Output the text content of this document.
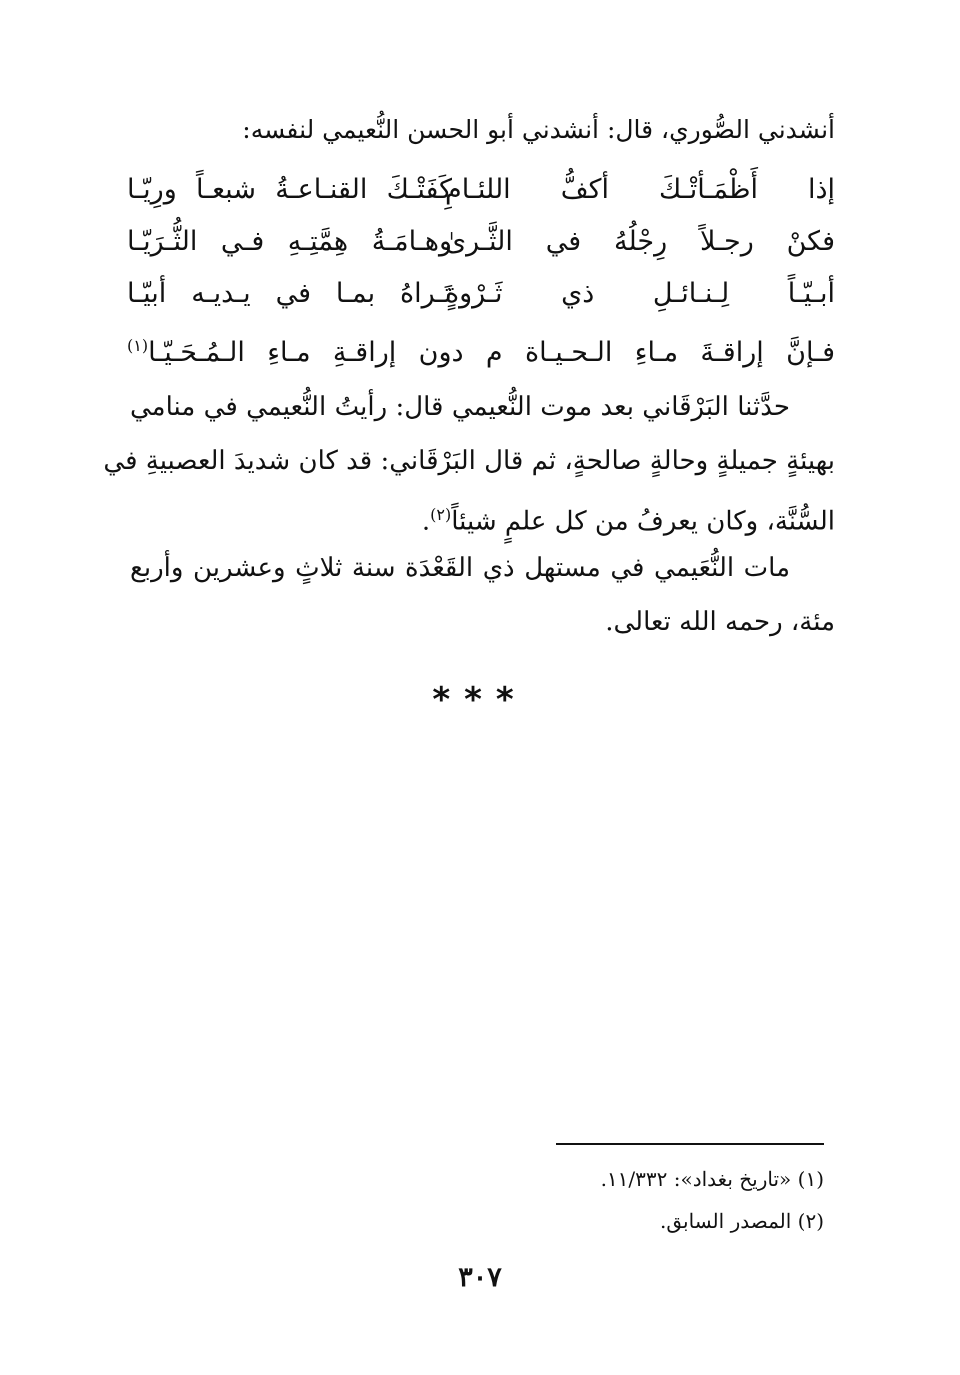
أنشدني الصُّوري، قال: أنشدني أبو الحسن النُّعيمي لنفسه:
إذا أَظْمَـأتْـكَ أكفُّ اللئـامِ
كَفَتْـكَ القنـاعـةُ شبعـاً ورِيّـا
فكنْ رجـلاً رِجْلُهُ في الثَّـرىٰ
وهـامَـةُ هِمَّتِـهِ فـي الثُّـرَيّـا
أبـيّـاً لِـنـائـلِ ذي ثَـرْوةٍ
تَـراهُ بمـا في يـديـه أبيّـا
فـإنَّ إراقـةَ مـاءِ الـحـيـاة م دون إراقـةِ مـاءِ الـمُـحَـيّـا$^{(١)}$
حدَّثنا البَرْقَاني بعد موت النُّعيمي قال: رأيتُ النُّعيمي في منامي
بهيئةٍ جميلةٍ وحالةٍ صالحةٍ، ثم قال البَرْقَاني: قد كان شديدَ العصبيةِ في
السُّنَّة، وكان يعرفُ من كل علمٍ شيئاً$^{(٢)}$.
مات النُّعَيمي في مستهل ذي القَعْدَة سنة ثلاثٍ وعشرين وأربع
مئة، رحمه الله تعالى.
***
(١) «تاريخ بغداد»: ١١/٣٣٢.
(٢) المصدر السابق.
٣٠٧
